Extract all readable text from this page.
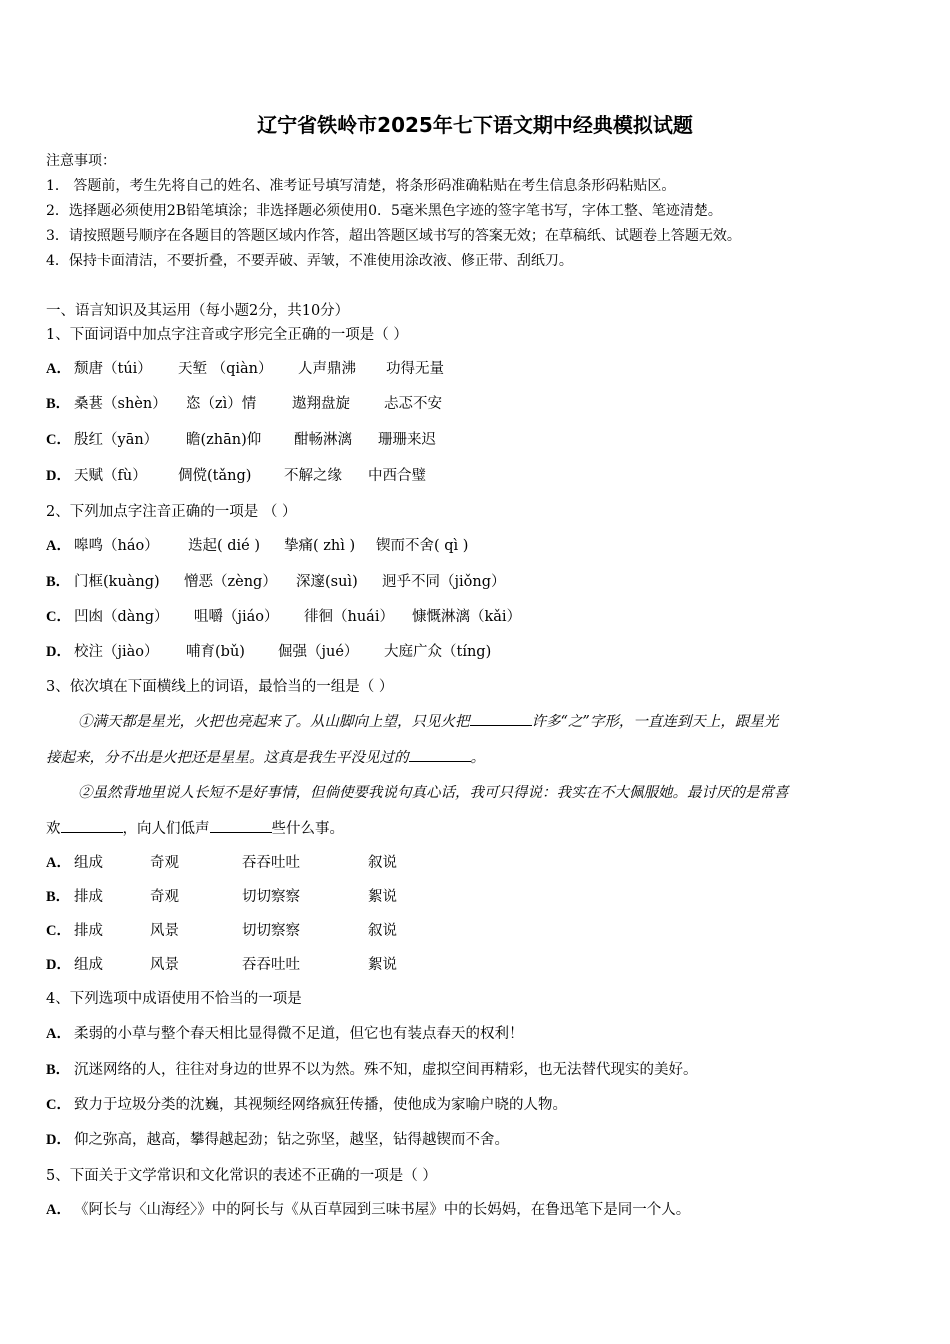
辽宁省铁岭市2025年七下语文期中经典模拟试题
注意事项：
1． 答题前，考生先将自己的姓名、准考证号填写清楚，将条形码准确粘贴在考生信息条形码粘贴区。
2．选择题必须使用2B铅笔填涂；非选择题必须使用0．5毫米黑色字迹的签字笔书写，字体工整、笔迹清楚。
3．请按照题号顺序在各题目的答题区域内作答，超出答题区域书写的答案无效；在草稿纸、试题卷上答题无效。
4．保持卡面清洁，不要折叠，不要弄破、弄皱，不准使用涂改液、修正带、刮纸刀。
一、语言知识及其运用（每小题2分，共10分）
1、下面词语中加点字注音或字形完全正确的一项是（ ）
A． 颓唐（túi） 天堑 （qiàn） 人声鼎沸 功得无量
B． 桑葚（shèn） 恣（zì）情 遨翔盘旋 忐忑不安
C． 殷红（yān） 瞻(zhān)仰 酣畅淋漓 珊珊来迟
D． 天赋（fù） 倜傥(tǎng) 不解之缘 中西合璧
2、下列加点字注音正确的一项是 （ ）
A． 嗥鸣（háo） 迭起( dié ) 挚痛( zhì ) 锲而不舍( qì )
B． 门框(kuàng) 憎恶（zèng） 深邃(suì) 迥乎不同（jiǒng）
C． 凹凼（dàng） 咀嚼（jiáo） 徘徊（huái） 慷慨淋漓（kǎi）
D． 校注（jiào） 哺育(bǔ) 倔强（jué） 大庭广众（tíng)
3、依次填在下面横线上的词语，最恰当的一组是（ ）
①满天都是星光，火把也亮起来了。从山脚向上望，只见火把	许多“之”字形，一直连到天上，跟星光
接起来，分不出是火把还是星星。这真是我生平没见过的	。
②虽然背地里说人长短不是好事情，但倘使要我说句真心话，我可只得说：我实在不大佩服她。最讨厌的是常喜
欢	，向人们低声	些什么事。
A． 组成	奇观	吞吞吐吐	叙说
B． 排成	奇观	切切察察	絮说
C． 排成	风景	切切察察	叙说
D． 组成	风景	吞吞吐吐	絮说
4、下列选项中成语使用不恰当的一项是
A． 柔弱的小草与整个春天相比显得微不足道，但它也有装点春天的权利！
B． 沉迷网络的人，往往对身边的世界不以为然。殊不知，虚拟空间再精彩，也无法替代现实的美好。
C． 致力于垃圾分类的沈巍，其视频经网络疯狂传播，使他成为家喻户晓的人物。
D． 仰之弥高，越高，攀得越起劲；钻之弥坚，越坚，钻得越锲而不舍。
5、下面关于文学常识和文化常识的表述不正确的一项是（ ）
A． 《阿长与〈山海经〉》中的阿长与《从百草园到三味书屋》中的长妈妈，在鲁迅笔下是同一个人。
